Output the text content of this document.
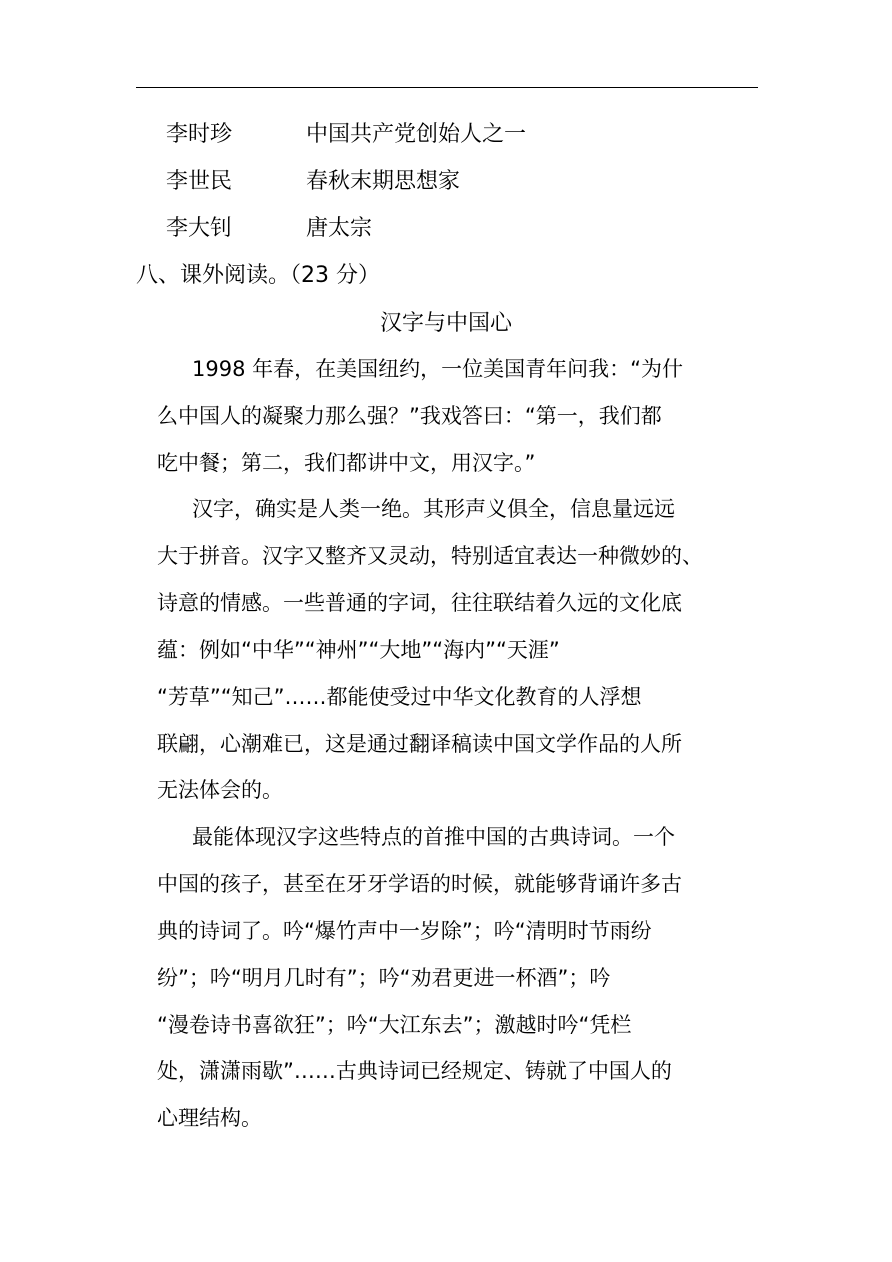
李时珍	中国共产党创始人之一
李世民	春秋末期思想家
李大钊	唐太宗
八、课外阅读。（23 分）
汉字与中国心
1998 年春，在美国纽约，一位美国青年问我：“为什
么中国人的凝聚力那么强？”我戏答曰：“第一，我们都
吃中餐；第二，我们都讲中文，用汉字。”
汉字，确实是人类一绝。其形声义俱全，信息量远远
大于拼音。汉字又整齐又灵动，特别适宜表达一种微妙的、
诗意的情感。一些普通的字词，往往联结着久远的文化底
蕴：例如“中华”“神州”“大地”“海内”“天涯”
“芳草”“知己”……都能使受过中华文化教育的人浮想
联翩，心潮难已，这是通过翻译稿读中国文学作品的人所
无法体会的。
最能体现汉字这些特点的首推中国的古典诗词。一个
中国的孩子，甚至在牙牙学语的时候，就能够背诵许多古
典的诗词了。吟“爆竹声中一岁除”；吟“清明时节雨纷
纷”；吟“明月几时有”；吟“劝君更进一杯酒”；吟
“漫卷诗书喜欲狂”；吟“大江东去”；激越时吟“凭栏
处，潇潇雨歇”……古典诗词已经规定、铸就了中国人的
心理结构。
